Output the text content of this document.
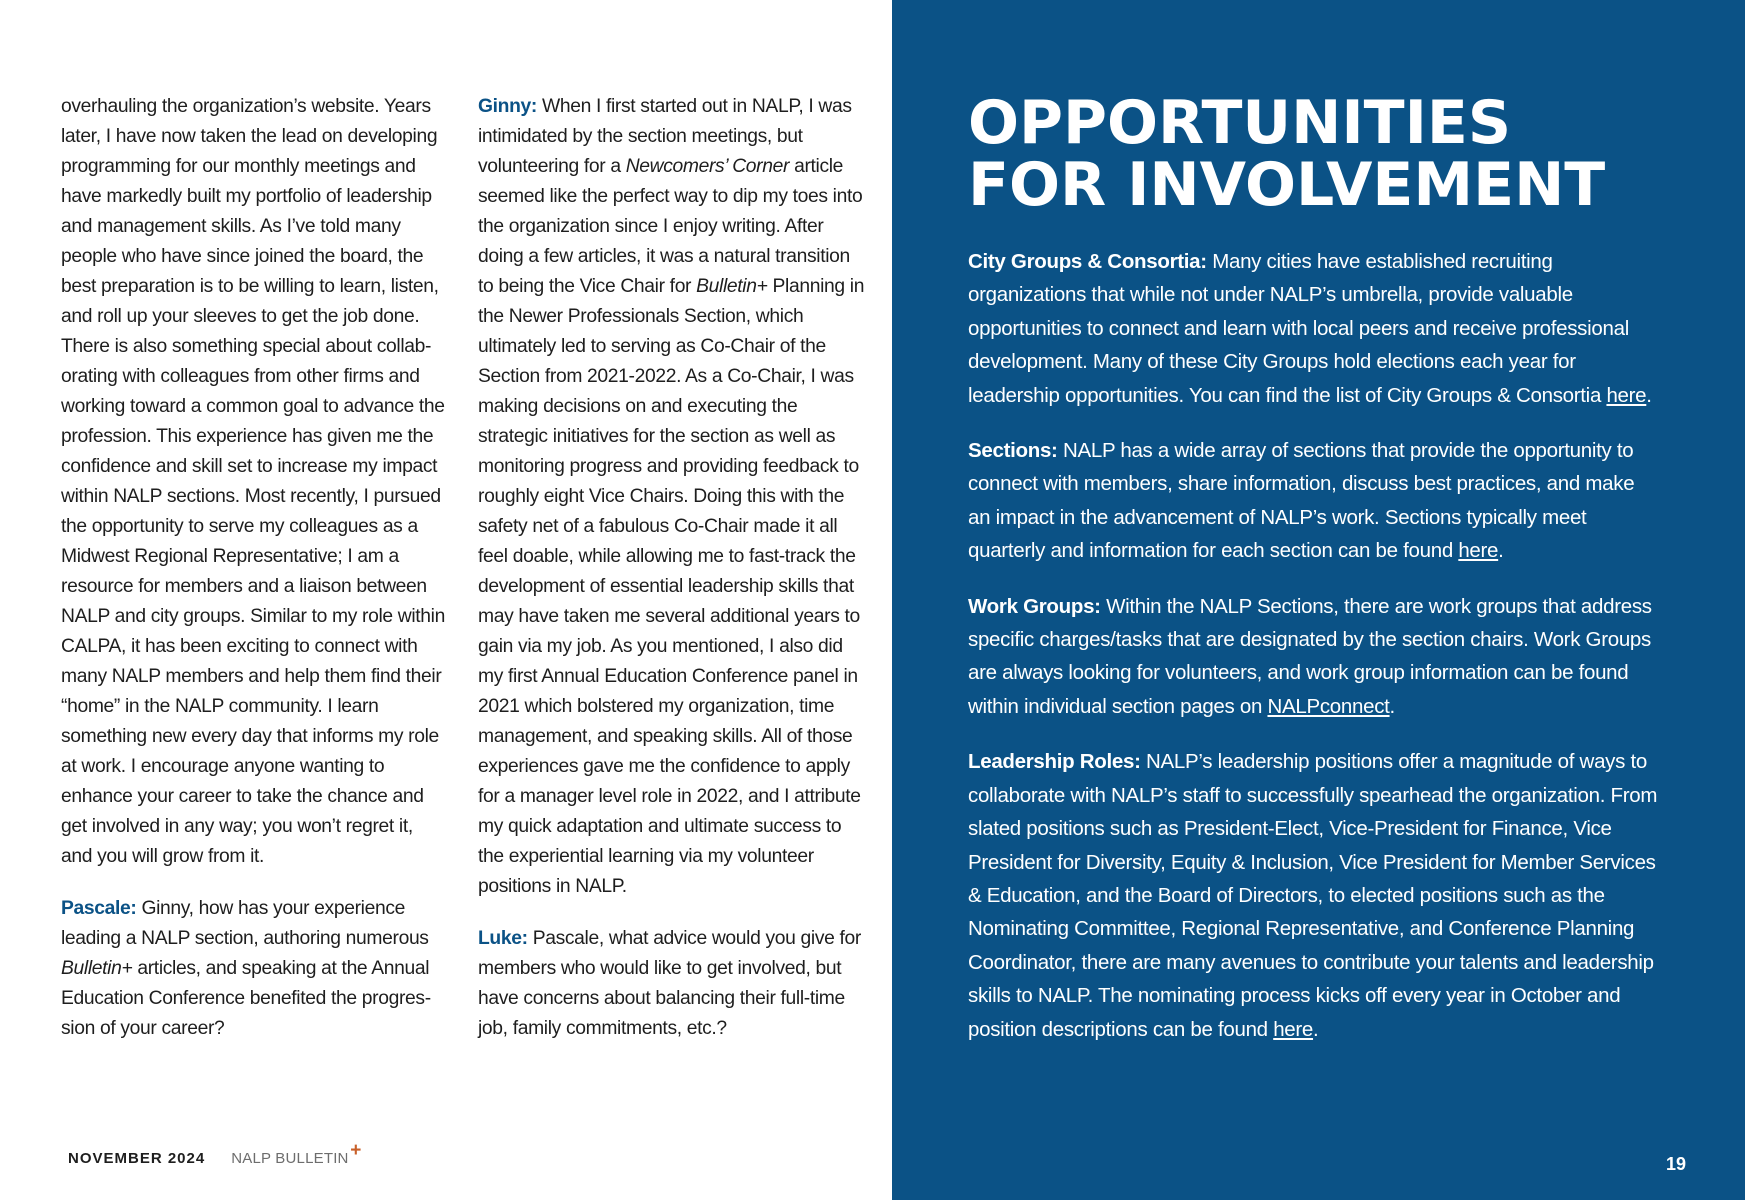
overhauling the organization’s website. Years later, I have now taken the lead on developing programming for our monthly meetings and have markedly built my portfolio of leadership and management skills. As I’ve told many people who have since joined the board, the best preparation is to be willing to learn, listen, and roll up your sleeves to get the job done. There is also something special about collaborating with colleagues from other firms and working toward a common goal to advance the profession. This experience has given me the confidence and skill set to increase my impact within NALP sections. Most recently, I pursued the opportunity to serve my colleagues as a Midwest Regional Representative; I am a resource for members and a liaison between NALP and city groups. Similar to my role within CALPA, it has been exciting to connect with many NALP members and help them find their “home” in the NALP community. I learn something new every day that informs my role at work. I encourage anyone wanting to enhance your career to take the chance and get involved in any way; you won’t regret it, and you will grow from it.

Pascale: Ginny, how has your experience leading a NALP section, authoring numerous Bulletin+ articles, and speaking at the Annual Education Conference benefited the progression of your career?

Ginny: When I first started out in NALP, I was intimidated by the section meetings, but volunteering for a Newcomers’ Corner article seemed like the perfect way to dip my toes into the organization since I enjoy writing. After doing a few articles, it was a natural transition to being the Vice Chair for Bulletin+ Planning in the Newer Professionals Section, which ultimately led to serving as Co-Chair of the Section from 2021-2022. As a Co-Chair, I was making decisions on and executing the strategic initiatives for the section as well as monitoring progress and providing feedback to roughly eight Vice Chairs. Doing this with the safety net of a fabulous Co-Chair made it all feel doable, while allowing me to fast-track the development of essential leadership skills that may have taken me several additional years to gain via my job. As you mentioned, I also did my first Annual Education Conference panel in 2021 which bolstered my organization, time management, and speaking skills. All of those experiences gave me the confidence to apply for a manager level role in 2022, and I attribute my quick adaptation and ultimate success to the experiential learning via my volunteer positions in NALP.

Luke: Pascale, what advice would you give for members who would like to get involved, but have concerns about balancing their full-time job, family commitments, etc.?

NOVEMBER 2024 NALP BULLETIN +
OPPORTUNITIES
FOR INVOLVEMENT

City Groups & Consortia: Many cities have established recruiting organizations that while not under NALP’s umbrella, provide valuable opportunities to connect and learn with local peers and receive professional development. Many of these City Groups hold elections each year for leadership opportunities. You can find the list of City Groups & Consortia here.

Sections: NALP has a wide array of sections that provide the opportunity to connect with members, share information, discuss best practices, and make an impact in the advancement of NALP’s work. Sections typically meet quarterly and information for each section can be found here.

Work Groups: Within the NALP Sections, there are work groups that address specific charges/tasks that are designated by the section chairs. Work Groups are always looking for volunteers, and work group information can be found within individual section pages on NALPconnect.

Leadership Roles: NALP’s leadership positions offer a magnitude of ways to collaborate with NALP’s staff to successfully spearhead the organization. From slated positions such as President-Elect, Vice-President for Finance, Vice President for Diversity, Equity & Inclusion, Vice President for Member Services & Education, and the Board of Directors, to elected positions such as the Nominating Committee, Regional Representative, and Conference Planning Coordinator, there are many avenues to contribute your talents and leadership skills to NALP. The nominating process kicks off every year in October and position descriptions can be found here.

19
